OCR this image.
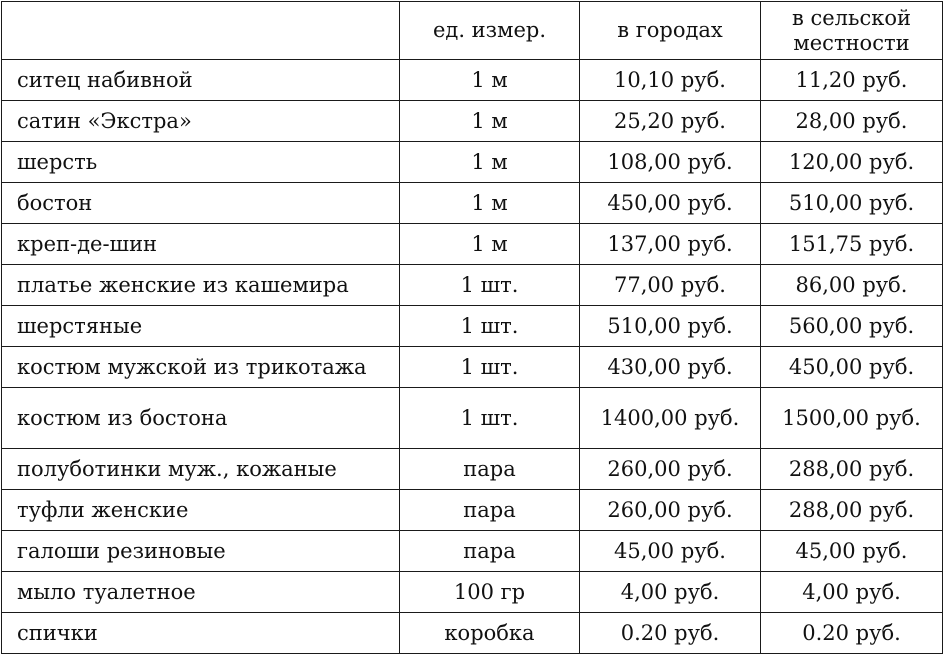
	ед. измер.	в городах	в сельской местности
ситец набивной	1 м	10,10 руб.	11,20 руб.
сатин «Экстра»	1 м	25,20 руб.	28,00 руб.
шерсть	1 м	108,00 руб.	120,00 руб.
бостон	1 м	450,00 руб.	510,00 руб.
креп-де-шин	1 м	137,00 руб.	151,75 руб.
платье женские из кашемира	1 шт.	77,00 руб.	86,00 руб.
шерстяные	1 шт.	510,00 руб.	560,00 руб.
костюм мужской из трикотажа	1 шт.	430,00 руб.	450,00 руб.
костюм из бостона	1 шт.	1400,00 руб.	1500,00 руб.
полуботинки муж., кожаные	пара	260,00 руб.	288,00 руб.
туфли женские	пара	260,00 руб.	288,00 руб.
галоши резиновые	пара	45,00 руб.	45,00 руб.
мыло туалетное	100 гр	4,00 руб.	4,00 руб.
спички	коробка	0.20 руб.	0.20 руб.
